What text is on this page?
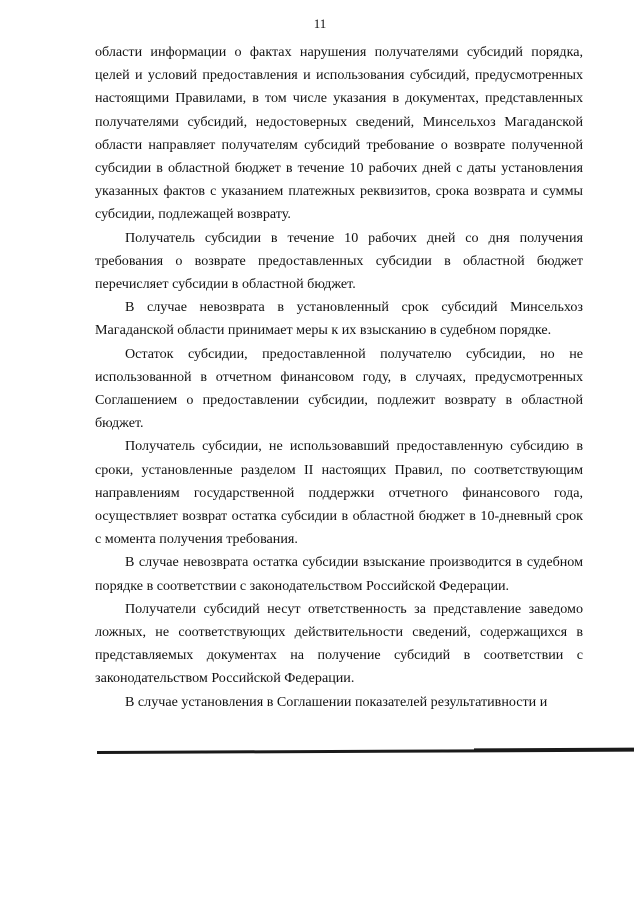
11

области информации о фактах нарушения получателями субсидий порядка, целей и условий предоставления и использования субсидий, предусмотренных настоящими Правилами, в том числе указания в документах, представленных получателями субсидий, недостоверных сведений, Минсельхоз Магаданской области направляет получателям субсидий требование о возврате полученной субсидии в областной бюджет в течение 10 рабочих дней с даты установления указанных фактов с указанием платежных реквизитов, срока возврата и суммы субсидии, подлежащей возврату.

Получатель субсидии в течение 10 рабочих дней со дня получения требования о возврате предоставленных субсидии в областной бюджет перечисляет субсидии в областной бюджет.

В случае невозврата в установленный срок субсидий Минсельхоз Магаданской области принимает меры к их взысканию в судебном порядке.

Остаток субсидии, предоставленной получателю субсидии, но не использованной в отчетном финансовом году, в случаях, предусмотренных Соглашением о предоставлении субсидии, подлежит возврату в областной бюджет.

Получатель субсидии, не использовавший предоставленную субсидию в сроки, установленные разделом II настоящих Правил, по соответствующим направлениям государственной поддержки отчетного финансового года, осуществляет возврат остатка субсидии в областной бюджет в 10-дневный срок с момента получения требования.

В случае невозврата остатка субсидии взыскание производится в судебном порядке в соответствии с законодательством Российской Федерации.

Получатели субсидий несут ответственность за представление заведомо ложных, не соответствующих действительности сведений, содержащихся в представляемых документах на получение субсидий в соответствии с законодательством Российской Федерации.

В случае установления в Соглашении показателей результативности и
